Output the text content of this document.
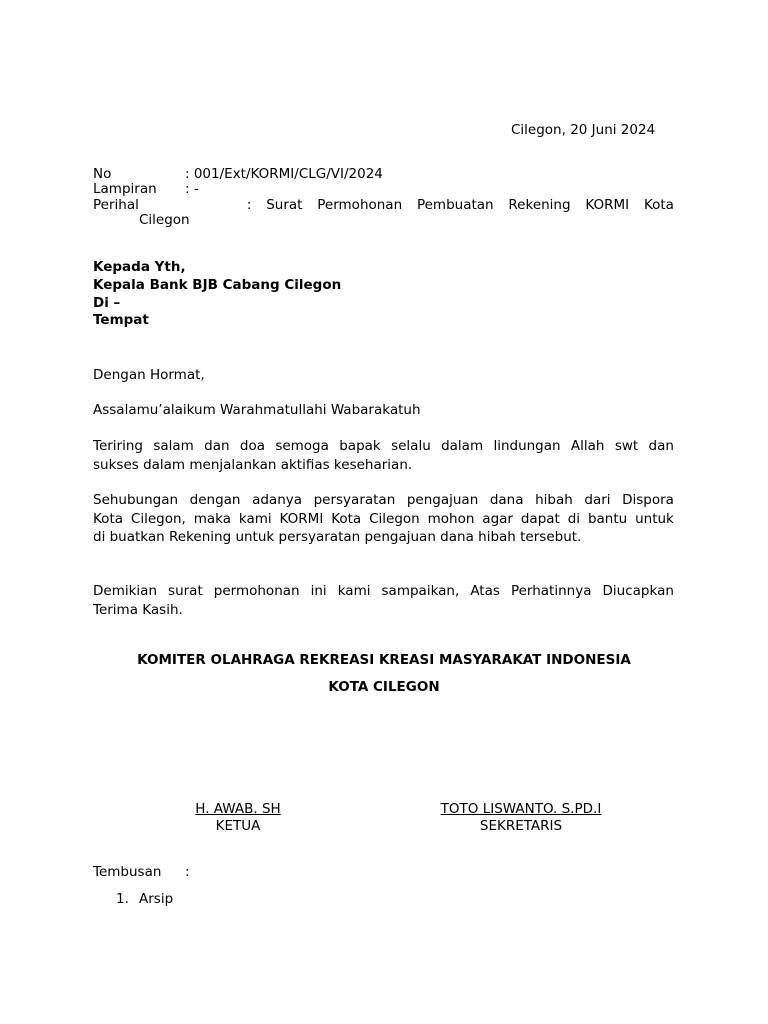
Cilegon, 20 Juni 2024
No	: 001/Ext/KORMI/CLG/VI/2024
Lampiran : -
Perihal	: Surat Permohonan Pembuatan Rekening KORMI Kota
Cilegon
Kepada Yth,
Kepala Bank BJB Cabang Cilegon
Di –
Tempat
Dengan Hormat,
Assalamu’alaikum Warahmatullahi Wabarakatuh
Teriring salam dan doa semoga bapak selalu dalam lindungan Allah swt dan
sukses dalam menjalankan aktifias keseharian.
Sehubungan dengan adanya persyaratan pengajuan dana hibah dari Dispora
Kota Cilegon, maka kami KORMI Kota Cilegon mohon agar dapat di bantu untuk
di buatkan Rekening untuk persyaratan pengajuan dana hibah tersebut.
Demikian surat permohonan ini kami sampaikan, Atas Perhatinnya Diucapkan
Terima Kasih.
KOMITER OLAHRAGA REKREASI KREASI MASYARAKAT INDONESIA
KOTA CILEGON
H. AWAB. SH
KETUA
TOTO LISWANTO. S.PD.I
SEKRETARIS
Tembusan :
1. Arsip
